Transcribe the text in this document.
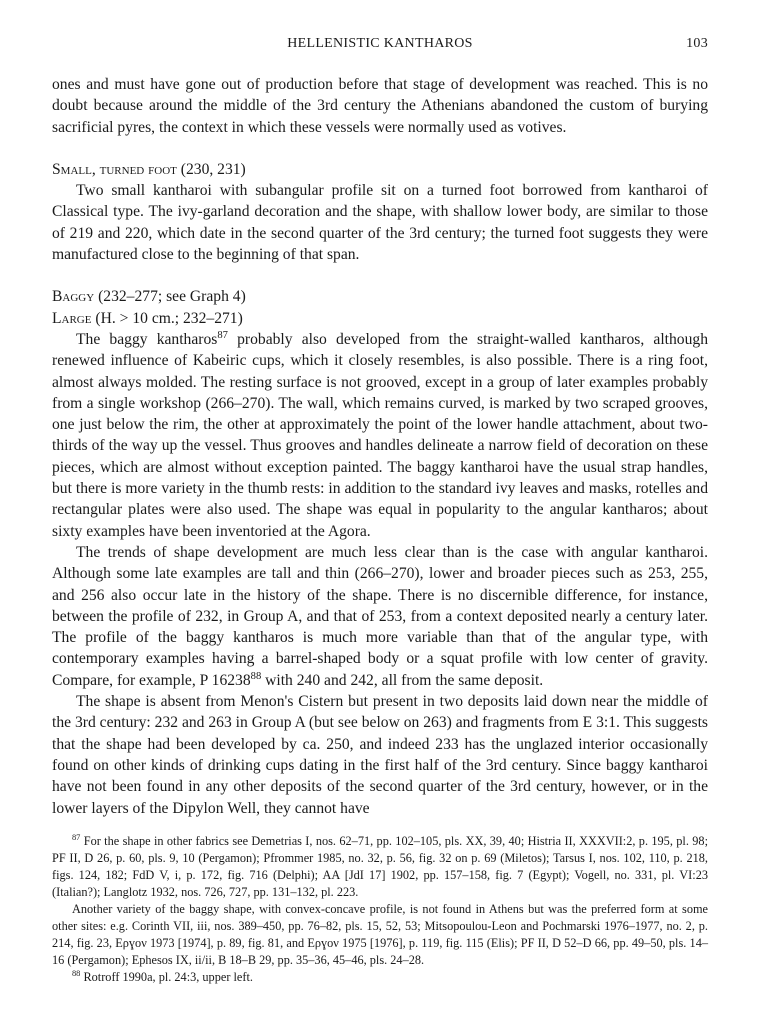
HELLENISTIC KANTHAROS	103

ones and must have gone out of production before that stage of development was reached. This is no doubt because around the middle of the 3rd century the Athenians abandoned the custom of burying sacrificial pyres, the context in which these vessels were normally used as votives.

Small, turned foot (230, 231)

Two small kantharoi with subangular profile sit on a turned foot borrowed from kantharoi of Classical type. The ivy-garland decoration and the shape, with shallow lower body, are similar to those of 219 and 220, which date in the second quarter of the 3rd century; the turned foot suggests they were manufactured close to the beginning of that span.

Baggy (232–277; see Graph 4)

Large (H. > 10 cm.; 232–271)

The baggy kantharos$^{87}$ probably also developed from the straight-walled kantharos, although renewed influence of Kabeiric cups, which it closely resembles, is also possible. There is a ring foot, almost always molded. The resting surface is not grooved, except in a group of later examples probably from a single workshop (266–270). The wall, which remains curved, is marked by two scraped grooves, one just below the rim, the other at approximately the point of the lower handle attachment, about two-thirds of the way up the vessel. Thus grooves and handles delineate a narrow field of decoration on these pieces, which are almost without exception painted. The baggy kantharoi have the usual strap handles, but there is more variety in the thumb rests: in addition to the standard ivy leaves and masks, rotelles and rectangular plates were also used. The shape was equal in popularity to the angular kantharos; about sixty examples have been inventoried at the Agora.

The trends of shape development are much less clear than is the case with angular kantharoi. Although some late examples are tall and thin (266–270), lower and broader pieces such as 253, 255, and 256 also occur late in the history of the shape. There is no discernible difference, for instance, between the profile of 232, in Group A, and that of 253, from a context deposited nearly a century later. The profile of the baggy kantharos is much more variable than that of the angular type, with contemporary examples having a barrel-shaped body or a squat profile with low center of gravity. Compare, for example, P 16238$^{88}$ with 240 and 242, all from the same deposit.

The shape is absent from Menon's Cistern but present in two deposits laid down near the middle of the 3rd century: 232 and 263 in Group A (but see below on 263) and fragments from E 3:1. This suggests that the shape had been developed by ca. 250, and indeed 233 has the unglazed interior occasionally found on other kinds of drinking cups dating in the first half of the 3rd century. Since baggy kantharoi have not been found in any other deposits of the second quarter of the 3rd century, however, or in the lower layers of the Dipylon Well, they cannot have

$^{87}$ For the shape in other fabrics see Demetrias I, nos. 62–71, pp. 102–105, pls. XX, 39, 40; Histria II, XXXVII:2, p. 195, pl. 98; PF II, D 26, p. 60, pls. 9, 10 (Pergamon); Pfrommer 1985, no. 32, p. 56, fig. 32 on p. 69 (Miletos); Tarsus I, nos. 102, 110, p. 218, figs. 124, 182; FdD V, i, p. 172, fig. 716 (Delphi); AA [JdI 17] 1902, pp. 157–158, fig. 7 (Egypt); Vogell, no. 331, pl. VI:23 (Italian?); Langlotz 1932, nos. 726, 727, pp. 131–132, pl. 223.

Another variety of the baggy shape, with convex-concave profile, is not found in Athens but was the preferred form at some other sites: e.g. Corinth VII, iii, nos. 389–450, pp. 76–82, pls. 15, 52, 53; Mitsopoulou-Leon and Pochmarski 1976–1977, no. 2, p. 214, fig. 23, Ερɣον 1973 [1974], p. 89, fig. 81, and Ερɣον 1975 [1976], p. 119, fig. 115 (Elis); PF II, D 52–D 66, pp. 49–50, pls. 14–16 (Pergamon); Ephesos IX, ii/ii, B 18–B 29, pp. 35–36, 45–46, pls. 24–28.

$^{88}$ Rotroff 1990a, pl. 24:3, upper left.
